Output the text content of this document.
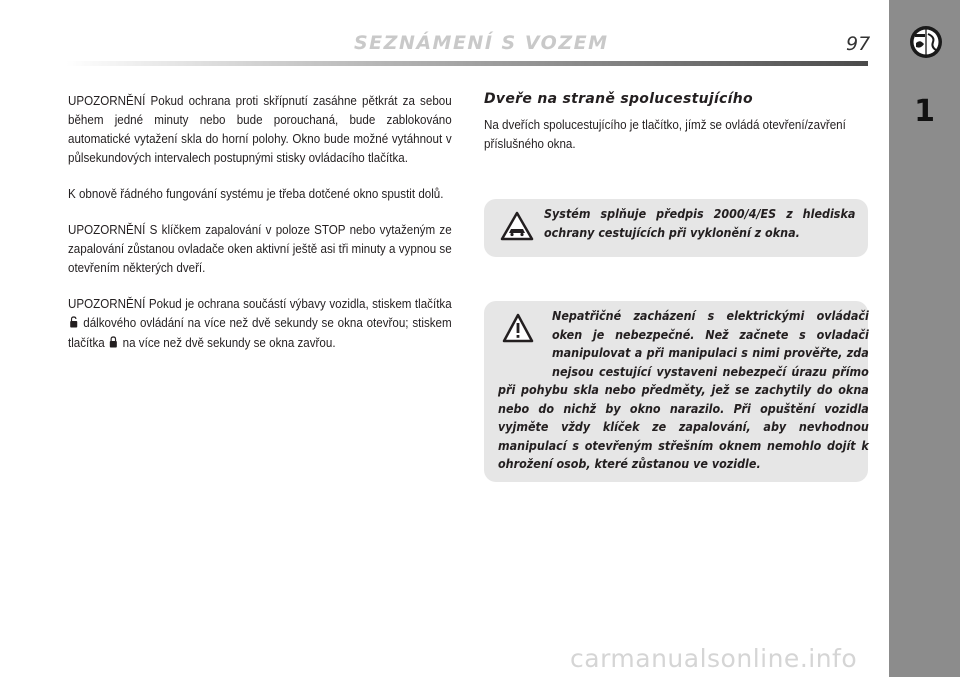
SEZNÁMENÍ S VOZEM	97
1

UPOZORNĚNÍ Pokud ochrana proti skřípnutí zasáhne pětkrát za sebou během jedné minuty nebo bude porouchaná, bude zablokováno automatické vytažení skla do horní polohy. Okno bude možné vytáhnout v půlsekundových intervalech postupnými stisky ovládacího tlačítka.

K obnově řádného fungování systému je třeba dotčené okno spustit dolů.

UPOZORNĚNÍ S klíčkem zapalování v poloze STOP nebo vytaženým ze zapalování zůstanou ovladače oken aktivní ještě asi tři minuty a vypnou se otevřením některých dveří.

UPOZORNĚNÍ Pokud je ochrana součástí výbavy vozidla, stiskem tlačítka dálkového ovládání na více než dvě sekundy se okna otevřou; stiskem tlačítka na více než dvě sekundy se okna zavřou.

Dveře na straně spolucestujícího

Na dveřích spolucestujícího je tlačítko, jímž se ovládá otevření/zavření příslušného okna.

Systém splňuje předpis 2000/4/ES z hlediska ochrany cestujících při vyklonění z okna.
Nepatřičné zacházení s elektrickými ovládači oken je nebezpečné. Než začnete s ovladači manipulovat a při manipulaci s nimi prověřte, zda nejsou cestující vystaveni nebezpečí úrazu přímo při pohybu skla nebo předměty, jež se zachytily do okna nebo do nichž by okno narazilo. Při opuštění vozidla vyjměte vždy klíček ze zapalování, aby nevhodnou manipulací s otevřeným střešním oknem nemohlo dojít k ohrožení osob, které zůstanou ve vozidle.
carmanualsonline.info
